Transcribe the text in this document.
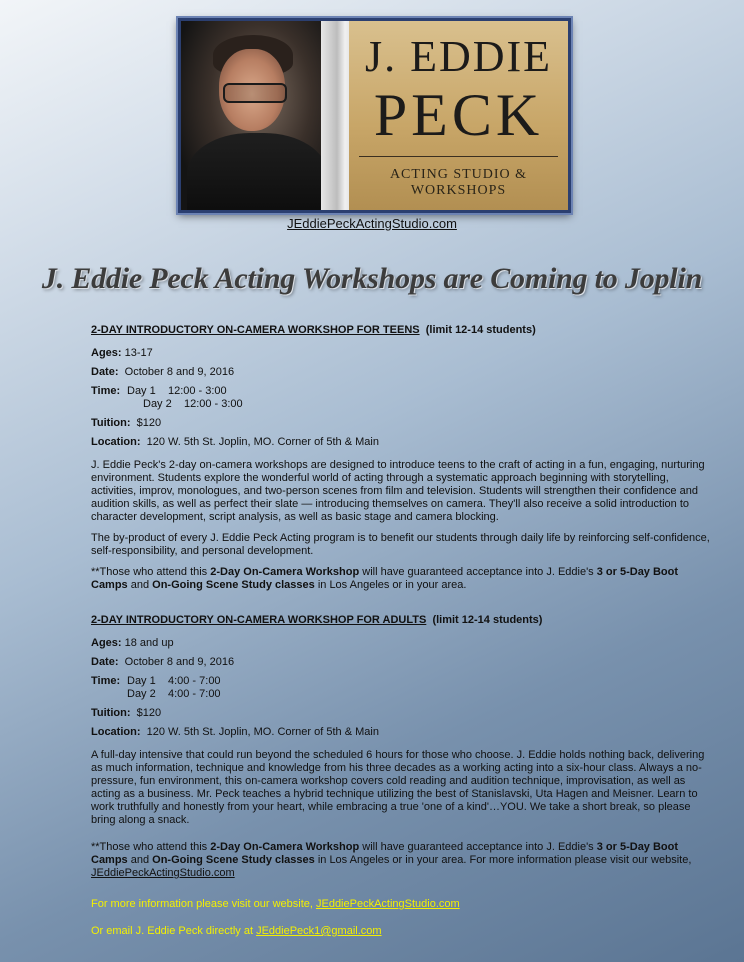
J. EDDIE
PECK
ACTING STUDIO & WORKSHOPS
JEddiePeckActingStudio.com
J. Eddie Peck Acting Workshops are Coming to Joplin
2-DAY INTRODUCTORY ON-CAMERA WORKSHOP FOR TEENS (limit 12-14 students)
Ages: 13-17
Date: October 8 and 9, 2016
Time: Day 1    12:00 - 3:00
Day 2    12:00 - 3:00
Tuition: $120
Location: 120 W. 5th St. Joplin, MO. Corner of 5th & Main
J. Eddie Peck's 2-day on-camera workshops are designed to introduce teens to the craft of acting in a fun, engaging, nurturing environment. Students explore the wonderful world of acting through a systematic approach beginning with storytelling, activities, improv, monologues, and two-person scenes from film and television. Students will strengthen their confidence and audition skills, as well as perfect their slate — introducing themselves on camera. They'll also receive a solid introduction to character development, script analysis, as well as basic stage and camera blocking.
The by-product of every J. Eddie Peck Acting program is to benefit our students through daily life by reinforcing self-confidence, self-responsibility, and personal development.
**Those who attend this 2-Day On-Camera Workshop will have guaranteed acceptance into J. Eddie's 3 or 5-Day Boot Camps and On-Going Scene Study classes in Los Angeles or in your area.
2-DAY INTRODUCTORY ON-CAMERA WORKSHOP FOR ADULTS (limit 12-14 students)
Ages: 18 and up
Date: October 8 and 9, 2016
Time: Day 1    4:00 - 7:00
Day 2    4:00 - 7:00
Tuition: $120
Location: 120 W. 5th St. Joplin, MO. Corner of 5th & Main
A full-day intensive that could run beyond the scheduled 6 hours for those who choose. J. Eddie holds nothing back, delivering as much information, technique and knowledge from his three decades as a working acting into a six-hour class. Always a no-pressure, fun environment, this on-camera workshop covers cold reading and audition technique, improvisation, as well as acting as a business. Mr. Peck teaches a hybrid technique utilizing the best of Stanislavski, Uta Hagen and Meisner. Learn to work truthfully and honestly from your heart, while embracing a true 'one of a kind'…YOU. We take a short break, so please bring along a snack.
**Those who attend this 2-Day On-Camera Workshop will have guaranteed acceptance into J. Eddie's 3 or 5-Day Boot Camps and On-Going Scene Study classes in Los Angeles or in your area. For more information please visit our website, JEddiePeckActingStudio.com
For more information please visit our website, JEddiePeckActingStudio.com
Or email J. Eddie Peck directly at JEddiePeck1@gmail.com
